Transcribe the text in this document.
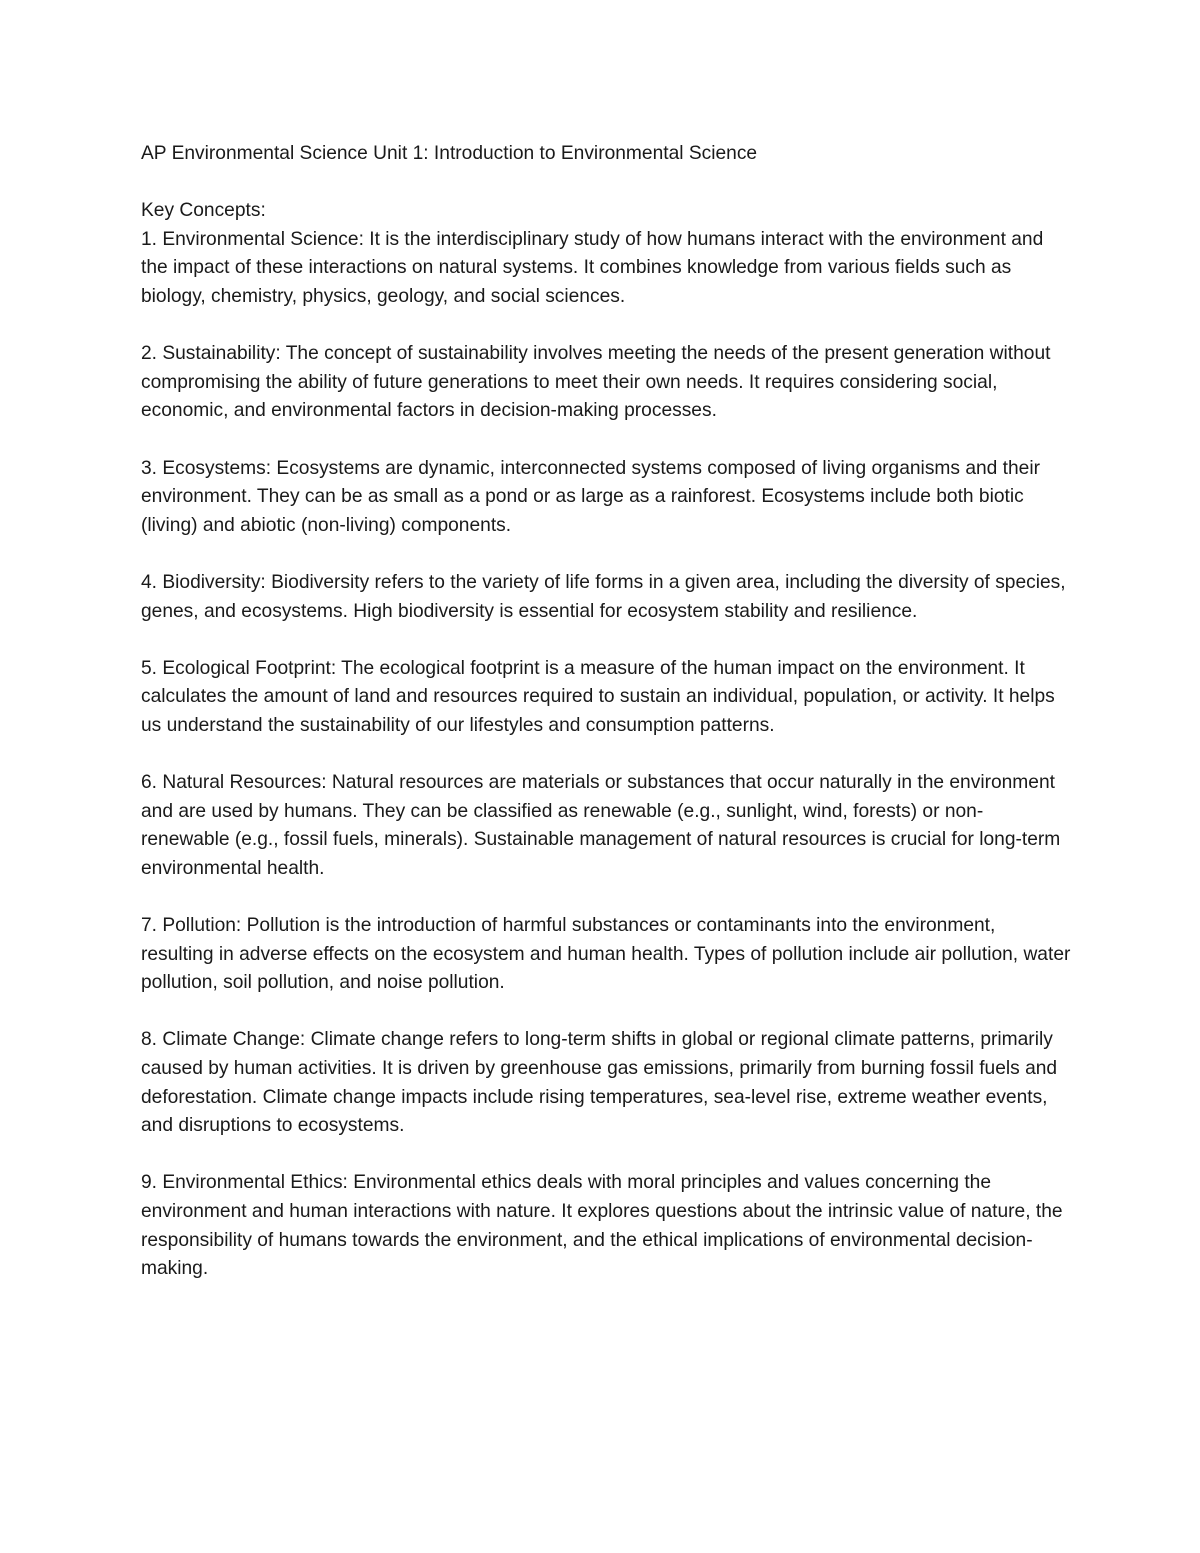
AP Environmental Science Unit 1: Introduction to Environmental Science

Key Concepts:

1. Environmental Science: It is the interdisciplinary study of how humans interact with the environment and the impact of these interactions on natural systems. It combines knowledge from various fields such as biology, chemistry, physics, geology, and social sciences.

2. Sustainability: The concept of sustainability involves meeting the needs of the present generation without compromising the ability of future generations to meet their own needs. It requires considering social, economic, and environmental factors in decision-making processes.

3. Ecosystems: Ecosystems are dynamic, interconnected systems composed of living organisms and their environment. They can be as small as a pond or as large as a rainforest. Ecosystems include both biotic (living) and abiotic (non-living) components.

4. Biodiversity: Biodiversity refers to the variety of life forms in a given area, including the diversity of species, genes, and ecosystems. High biodiversity is essential for ecosystem stability and resilience.

5. Ecological Footprint: The ecological footprint is a measure of the human impact on the environment. It calculates the amount of land and resources required to sustain an individual, population, or activity. It helps us understand the sustainability of our lifestyles and consumption patterns.

6. Natural Resources: Natural resources are materials or substances that occur naturally in the environment and are used by humans. They can be classified as renewable (e.g., sunlight, wind, forests) or non-renewable (e.g., fossil fuels, minerals). Sustainable management of natural resources is crucial for long-term environmental health.

7. Pollution: Pollution is the introduction of harmful substances or contaminants into the environment, resulting in adverse effects on the ecosystem and human health. Types of pollution include air pollution, water pollution, soil pollution, and noise pollution.

8. Climate Change: Climate change refers to long-term shifts in global or regional climate patterns, primarily caused by human activities. It is driven by greenhouse gas emissions, primarily from burning fossil fuels and deforestation. Climate change impacts include rising temperatures, sea-level rise, extreme weather events, and disruptions to ecosystems.

9. Environmental Ethics: Environmental ethics deals with moral principles and values concerning the environment and human interactions with nature. It explores questions about the intrinsic value of nature, the responsibility of humans towards the environment, and the ethical implications of environmental decision-making.
